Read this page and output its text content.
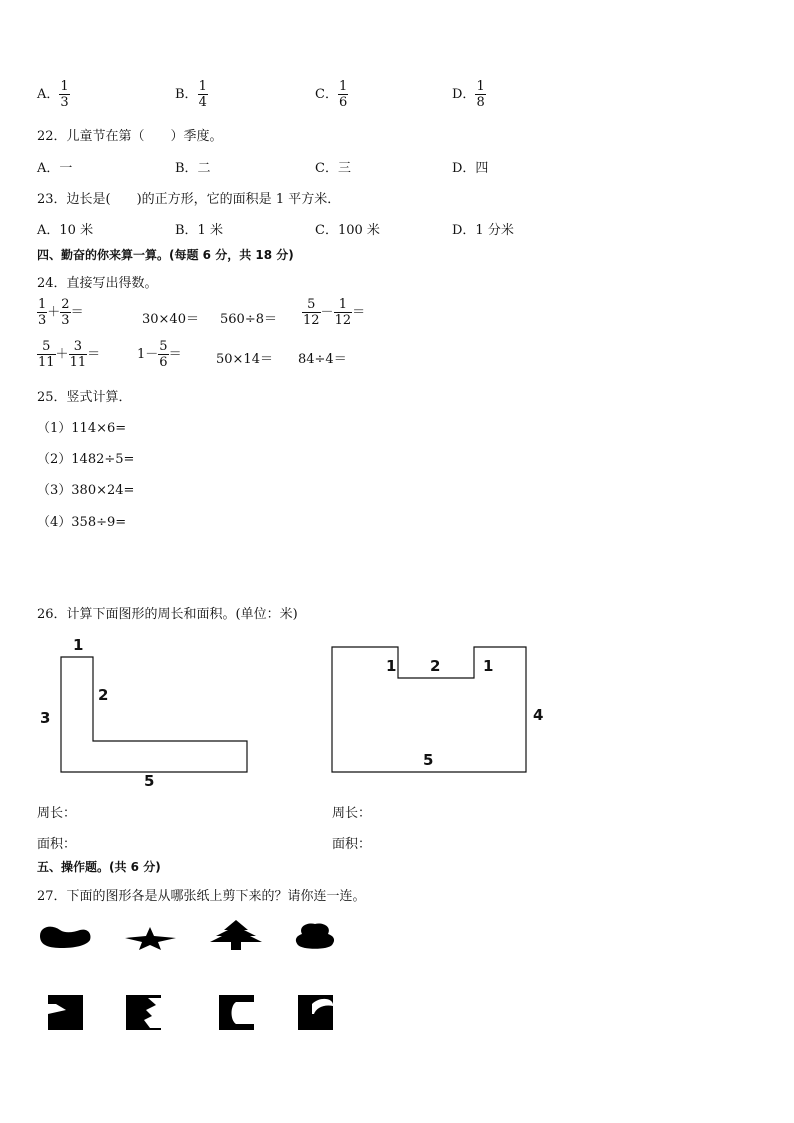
A． $\frac{1}{3}$	B． $\frac{1}{4}$	C． $\frac{1}{6}$	D． $\frac{1}{8}$
22．儿童节在第（　　）季度。
A．一	B．二	C．三	D．四
23．边长是(　　)的正方形，它的面积是 1 平方米．
A．10 米	B．1 米	C．100 米	D．1 分米
四、勤奋的你来算一算。(每题 6 分，共 18 分)
24．直接写出得数。
$\frac{1}{3} + \frac{2}{3}$ ＝	$30\times 40= 560\div 8= \frac{5}{12} - \frac{1}{12}$ ＝
$\frac{5}{11} + \frac{3}{11}$ ＝	$1- \frac{5}{6}$ ＝	50×14＝ 84÷4＝
25．竖式计算．
（1）114×6=
（2）1482÷5=
（3）380×24=
（4）358÷9=
26．计算下面图形的周长和面积。(单位：米)
1
2
3
5
1 2	1
4
5
周长：	周长：
面积：	面积：
五、操作题。(共 6 分)
27．下面的图形各是从哪张纸上剪下来的？请你连一连。
